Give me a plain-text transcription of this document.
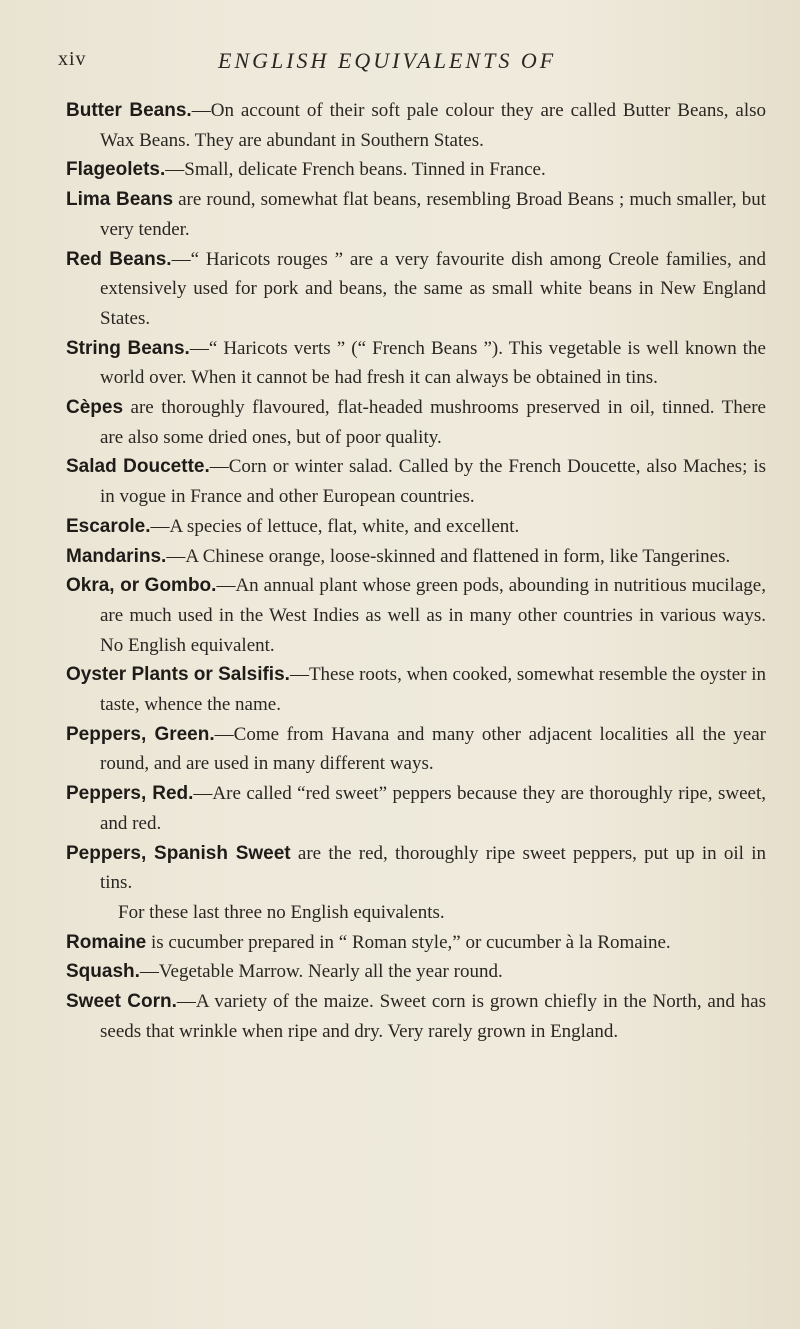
xiv	ENGLISH EQUIVALENTS OF

Butter Beans.—On account of their soft pale colour they are called Butter Beans, also Wax Beans. They are abundant in Southern States.

Flageolets.—Small, delicate French beans. Tinned in France.

Lima Beans are round, somewhat flat beans, resembling Broad Beans ; much smaller, but very tender.

Red Beans.—“ Haricots rouges ” are a very favourite dish among Creole families, and extensively used for pork and beans, the same as small white beans in New England States.

String Beans.—“ Haricots verts ” (“ French Beans ”). This vegetable is well known the world over. When it cannot be had fresh it can always be obtained in tins.

Cèpes are thoroughly flavoured, flat-headed mushrooms preserved in oil, tinned. There are also some dried ones, but of poor quality.

Salad Doucette.—Corn or winter salad. Called by the French Doucette, also Maches; is in vogue in France and other European countries.

Escarole.—A species of lettuce, flat, white, and excellent.

Mandarins.—A Chinese orange, loose-skinned and flattened in form, like Tangerines.

Okra, or Gombo.—An annual plant whose green pods, abounding in nutritious mucilage, are much used in the West Indies as well as in many other countries in various ways. No English equivalent.

Oyster Plants or Salsifis.—These roots, when cooked, somewhat resemble the oyster in taste, whence the name.

Peppers, Green.—Come from Havana and many other adjacent localities all the year round, and are used in many different ways.

Peppers, Red.—Are called “red sweet” peppers because they are thoroughly ripe, sweet, and red.

Peppers, Spanish Sweet are the red, thoroughly ripe sweet peppers, put up in oil in tins.

For these last three no English equivalents.

Romaine is cucumber prepared in “ Roman style,” or cucumber à la Romaine.

Squash.—Vegetable Marrow. Nearly all the year round.

Sweet Corn.—A variety of the maize. Sweet corn is grown chiefly in the North, and has seeds that wrinkle when ripe and dry. Very rarely grown in England.
